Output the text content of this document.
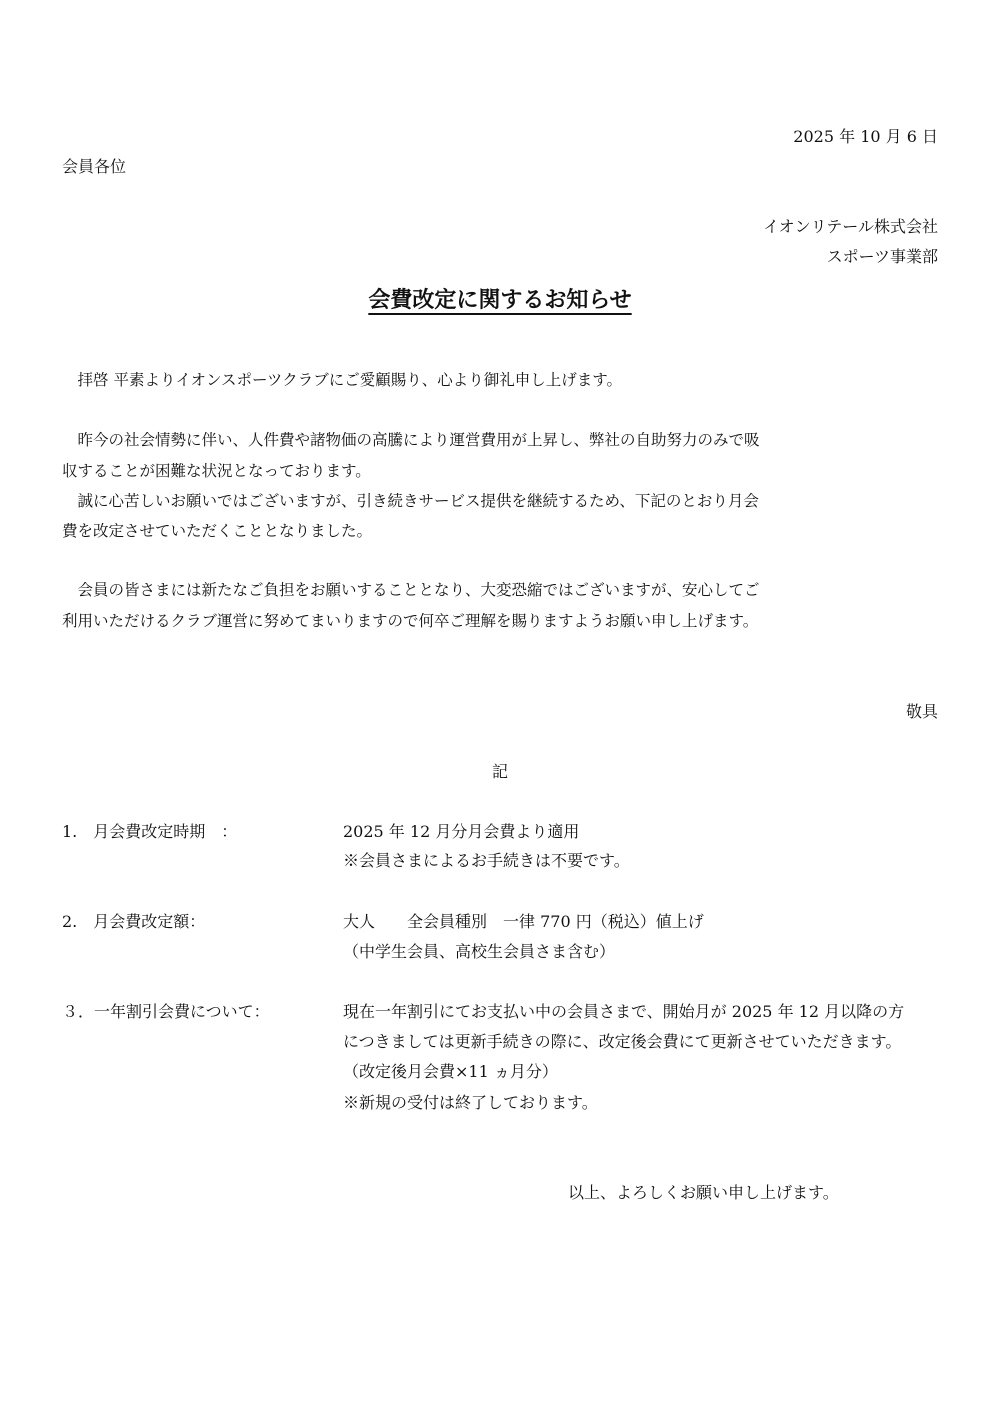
2025 年 10 月 6 日
会員各位
イオンリテール株式会社
スポーツ事業部
会費改定に関するお知らせ
　拝啓 平素よりイオンスポーツクラブにご愛顧賜り、心より御礼申し上げます。
　昨今の社会情勢に伴い、人件費や諸物価の高騰により運営費用が上昇し、弊社の自助努力のみで吸
収することが困難な状況となっております。
　誠に心苦しいお願いではございますが、引き続きサービス提供を継続するため、下記のとおり月会
費を改定させていただくこととなりました。
　会員の皆さまには新たなご負担をお願いすることとなり、大変恐縮ではございますが、安心してご
利用いただけるクラブ運営に努めてまいりますので何卒ご理解を賜りますようお願い申し上げます。
敬具
記
1.　月会費改定時期　：	2025 年 12 月分月会費より適用
※会員さまによるお手続きは不要です。
2.　月会費改定額：	大人　　全会員種別　一律 770 円（税込）値上げ
（中学生会員、高校生会員さま含む）
３．一年割引会費について：	現在一年割引にてお支払い中の会員さまで、開始月が 2025 年 12 月以降の方
につきましては更新手続きの際に、改定後会費にて更新させていただきます。
（改定後月会費×11 ヵ月分）
※新規の受付は終了しております。
以上、よろしくお願い申し上げます。
